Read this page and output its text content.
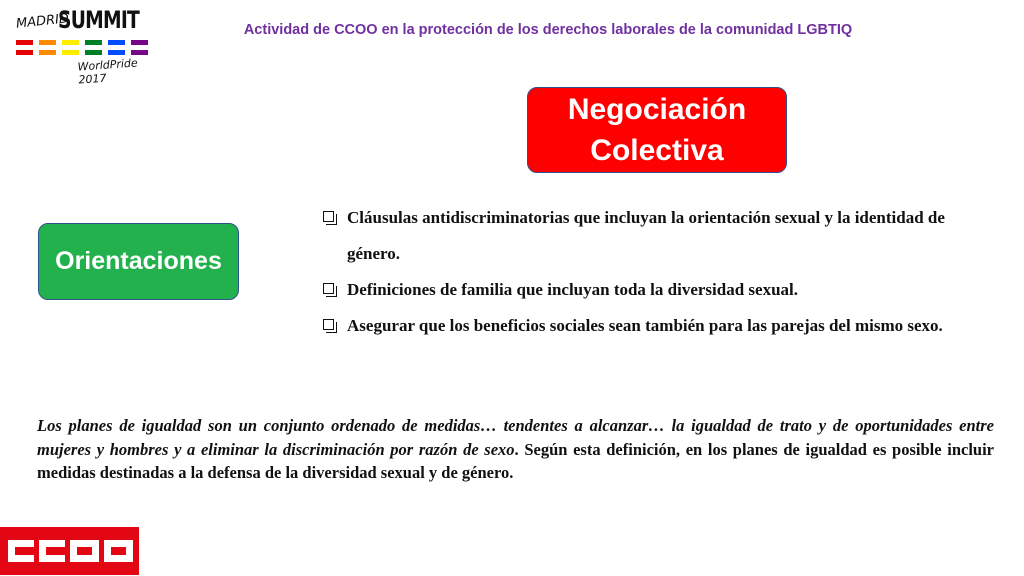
MADRID
SUMMIT
WorldPride 2017
Actividad de CCOO en la protección de los derechos laborales de la comunidad LGBTIQ
Negociación
Colectiva
Orientaciones
Cláusulas antidiscriminatorias que incluyan la orientación sexual y la identidad de género.
Definiciones de familia que incluyan toda la diversidad sexual.
Asegurar que los beneficios sociales sean también para las parejas del mismo sexo.

Los planes de igualdad son un conjunto ordenado de medidas… tendentes a alcanzar… la igualdad de trato y de oportunidades entre mujeres y hombres y a eliminar la discriminación por razón de sexo. Según esta definición, en los planes de igualdad es posible incluir medidas destinadas a la defensa de la diversidad sexual y de género.
